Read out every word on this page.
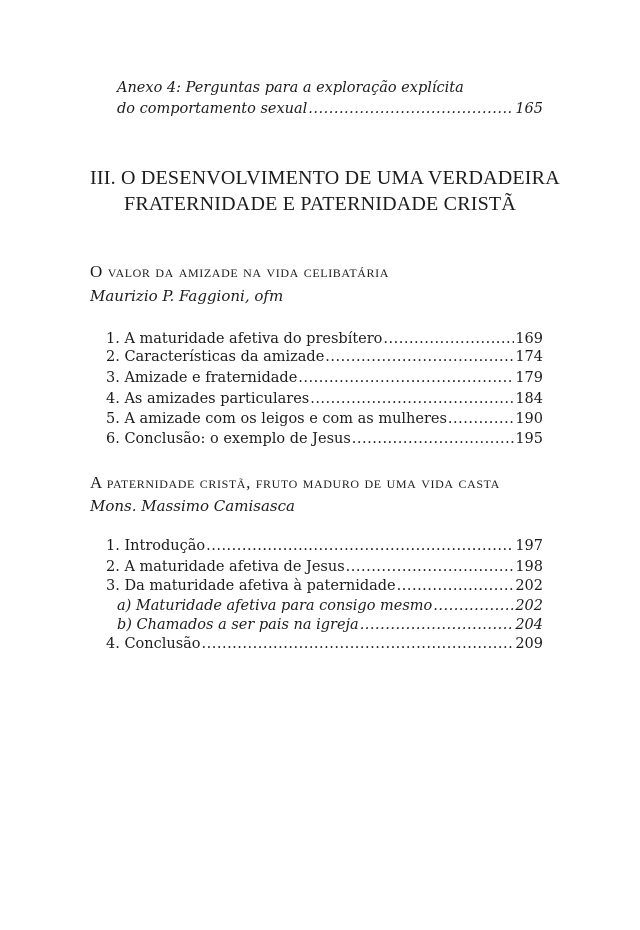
Anexo 4: Perguntas para a exploração explícita
do comportamento sexual .....	165
III. O DESENVOLVIMENTO DE UMA VERDADEIRA
FRATERNIDADE E PATERNIDADE CRISTÃ
O valor da amizade na vida celibatária
Maurizio P. Faggioni, ofm
1. A maturidade afetiva do presbítero .....	169
2. Características da amizade .....	174
3. Amizade e fraternidade .....	179
4. As amizades particulares .....	184
5. A amizade com os leigos e com as mulheres .....	190
6. Conclusão: o exemplo de Jesus .....	195
A paternidade cristã, fruto maduro de uma vida casta
Mons. Massimo Camisasca
1. Introdução .....	197
2. A maturidade afetiva de Jesus .....	198
3. Da maturidade afetiva à paternidade .....	202
a) Maturidade afetiva para consigo mesmo .....	202
b) Chamados a ser pais na igreja .....	204
4. Conclusão .....	209
